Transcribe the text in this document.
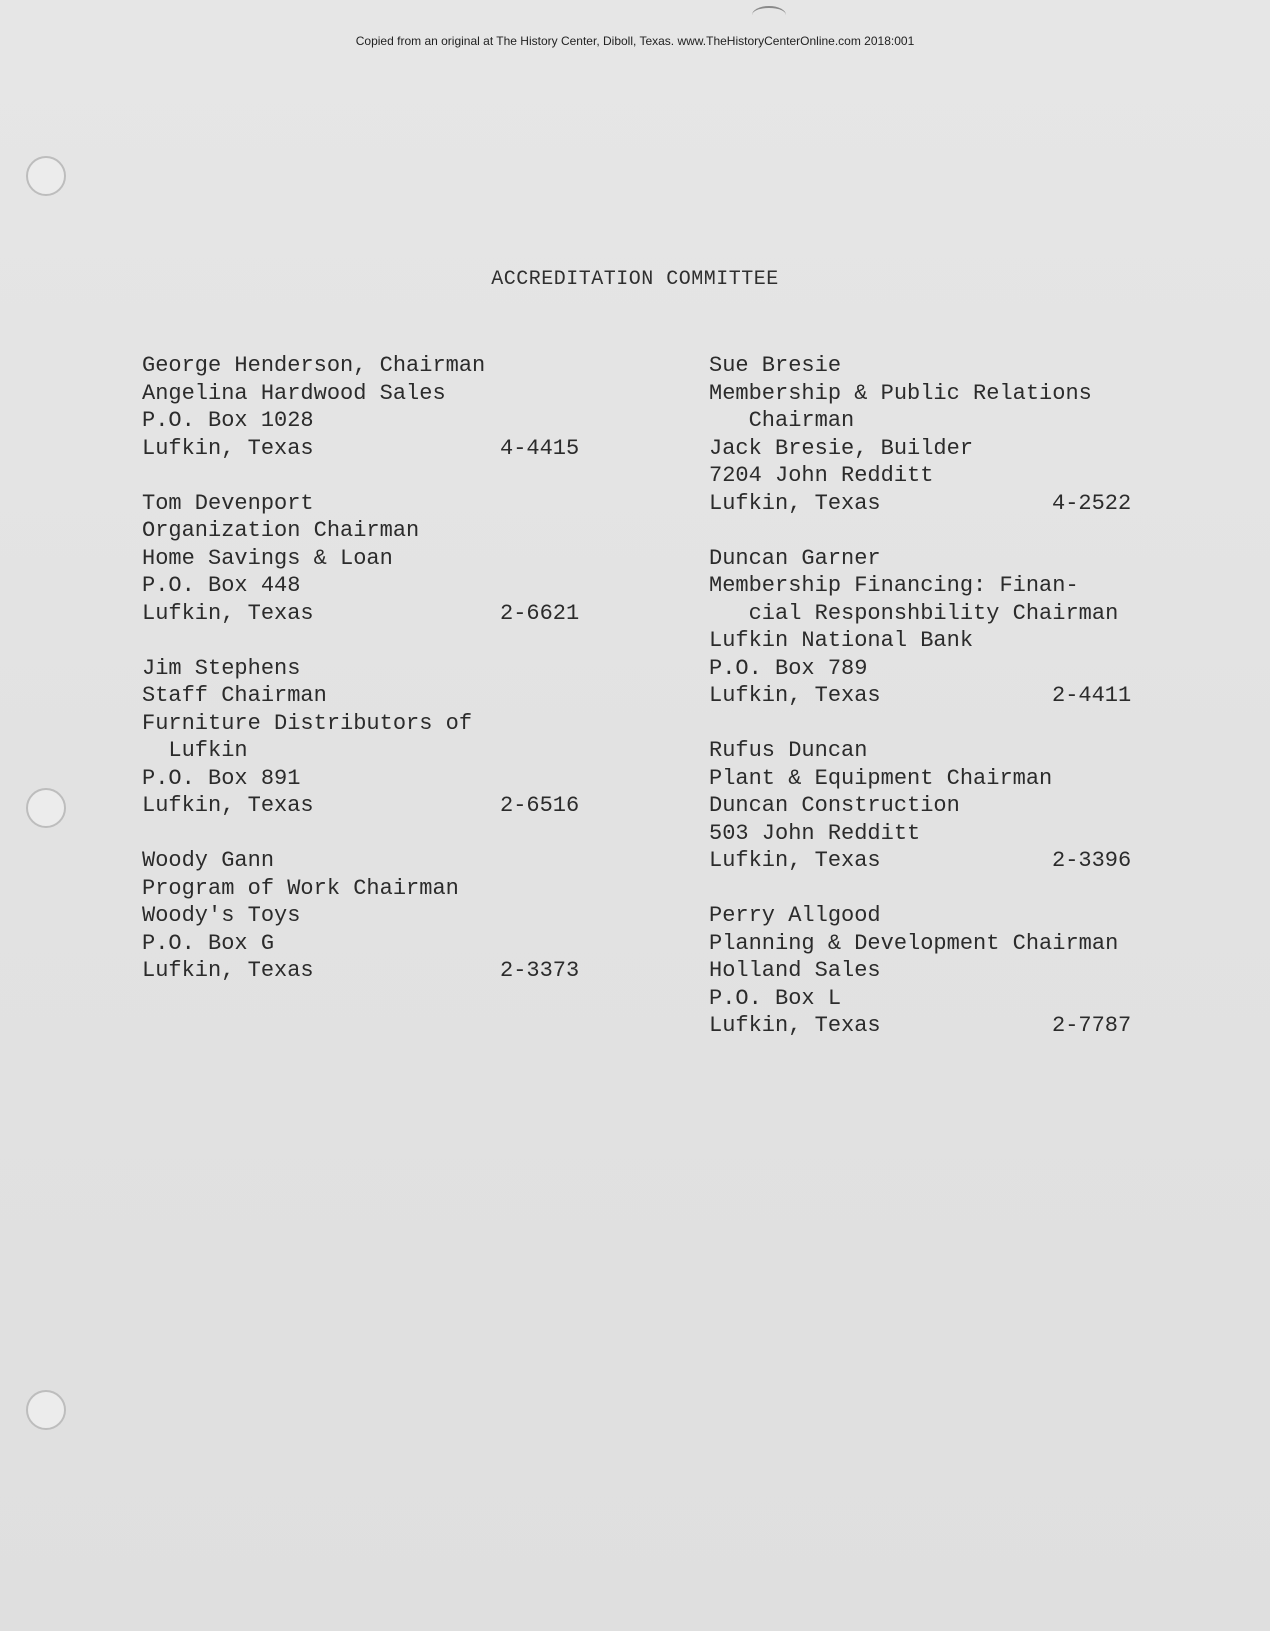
Copied from an original at The History Center, Diboll, Texas. www.TheHistoryCenterOnline.com 2018:001
ACCREDITATION COMMITTEE
George Henderson, Chairman
Angelina Hardwood Sales
P.O. Box 1028
Lufkin, Texas	4-4415
Tom Devenport
Organization Chairman
Home Savings & Loan
P.O. Box 448
Lufkin, Texas	2-6621
Jim Stephens
Staff Chairman
Furniture Distributors of
Lufkin
P.O. Box 891
Lufkin, Texas	2-6516
Woody Gann
Program of Work Chairman
Woody's Toys
P.O. Box G
Lufkin, Texas	2-3373
Sue Bresie
Membership & Public Relations
Chairman
Jack Bresie, Builder
7204 John Redditt
Lufkin, Texas	4-2522
Duncan Garner
Membership Financing: Finan-
cial Responshbility Chairman
Lufkin National Bank
P.O. Box 789
Lufkin, Texas	2-4411
Rufus Duncan
Plant & Equipment Chairman
Duncan Construction
503 John Redditt
Lufkin, Texas	2-3396
Perry Allgood
Planning & Development Chairman
Holland Sales
P.O. Box L
Lufkin, Texas	2-7787
